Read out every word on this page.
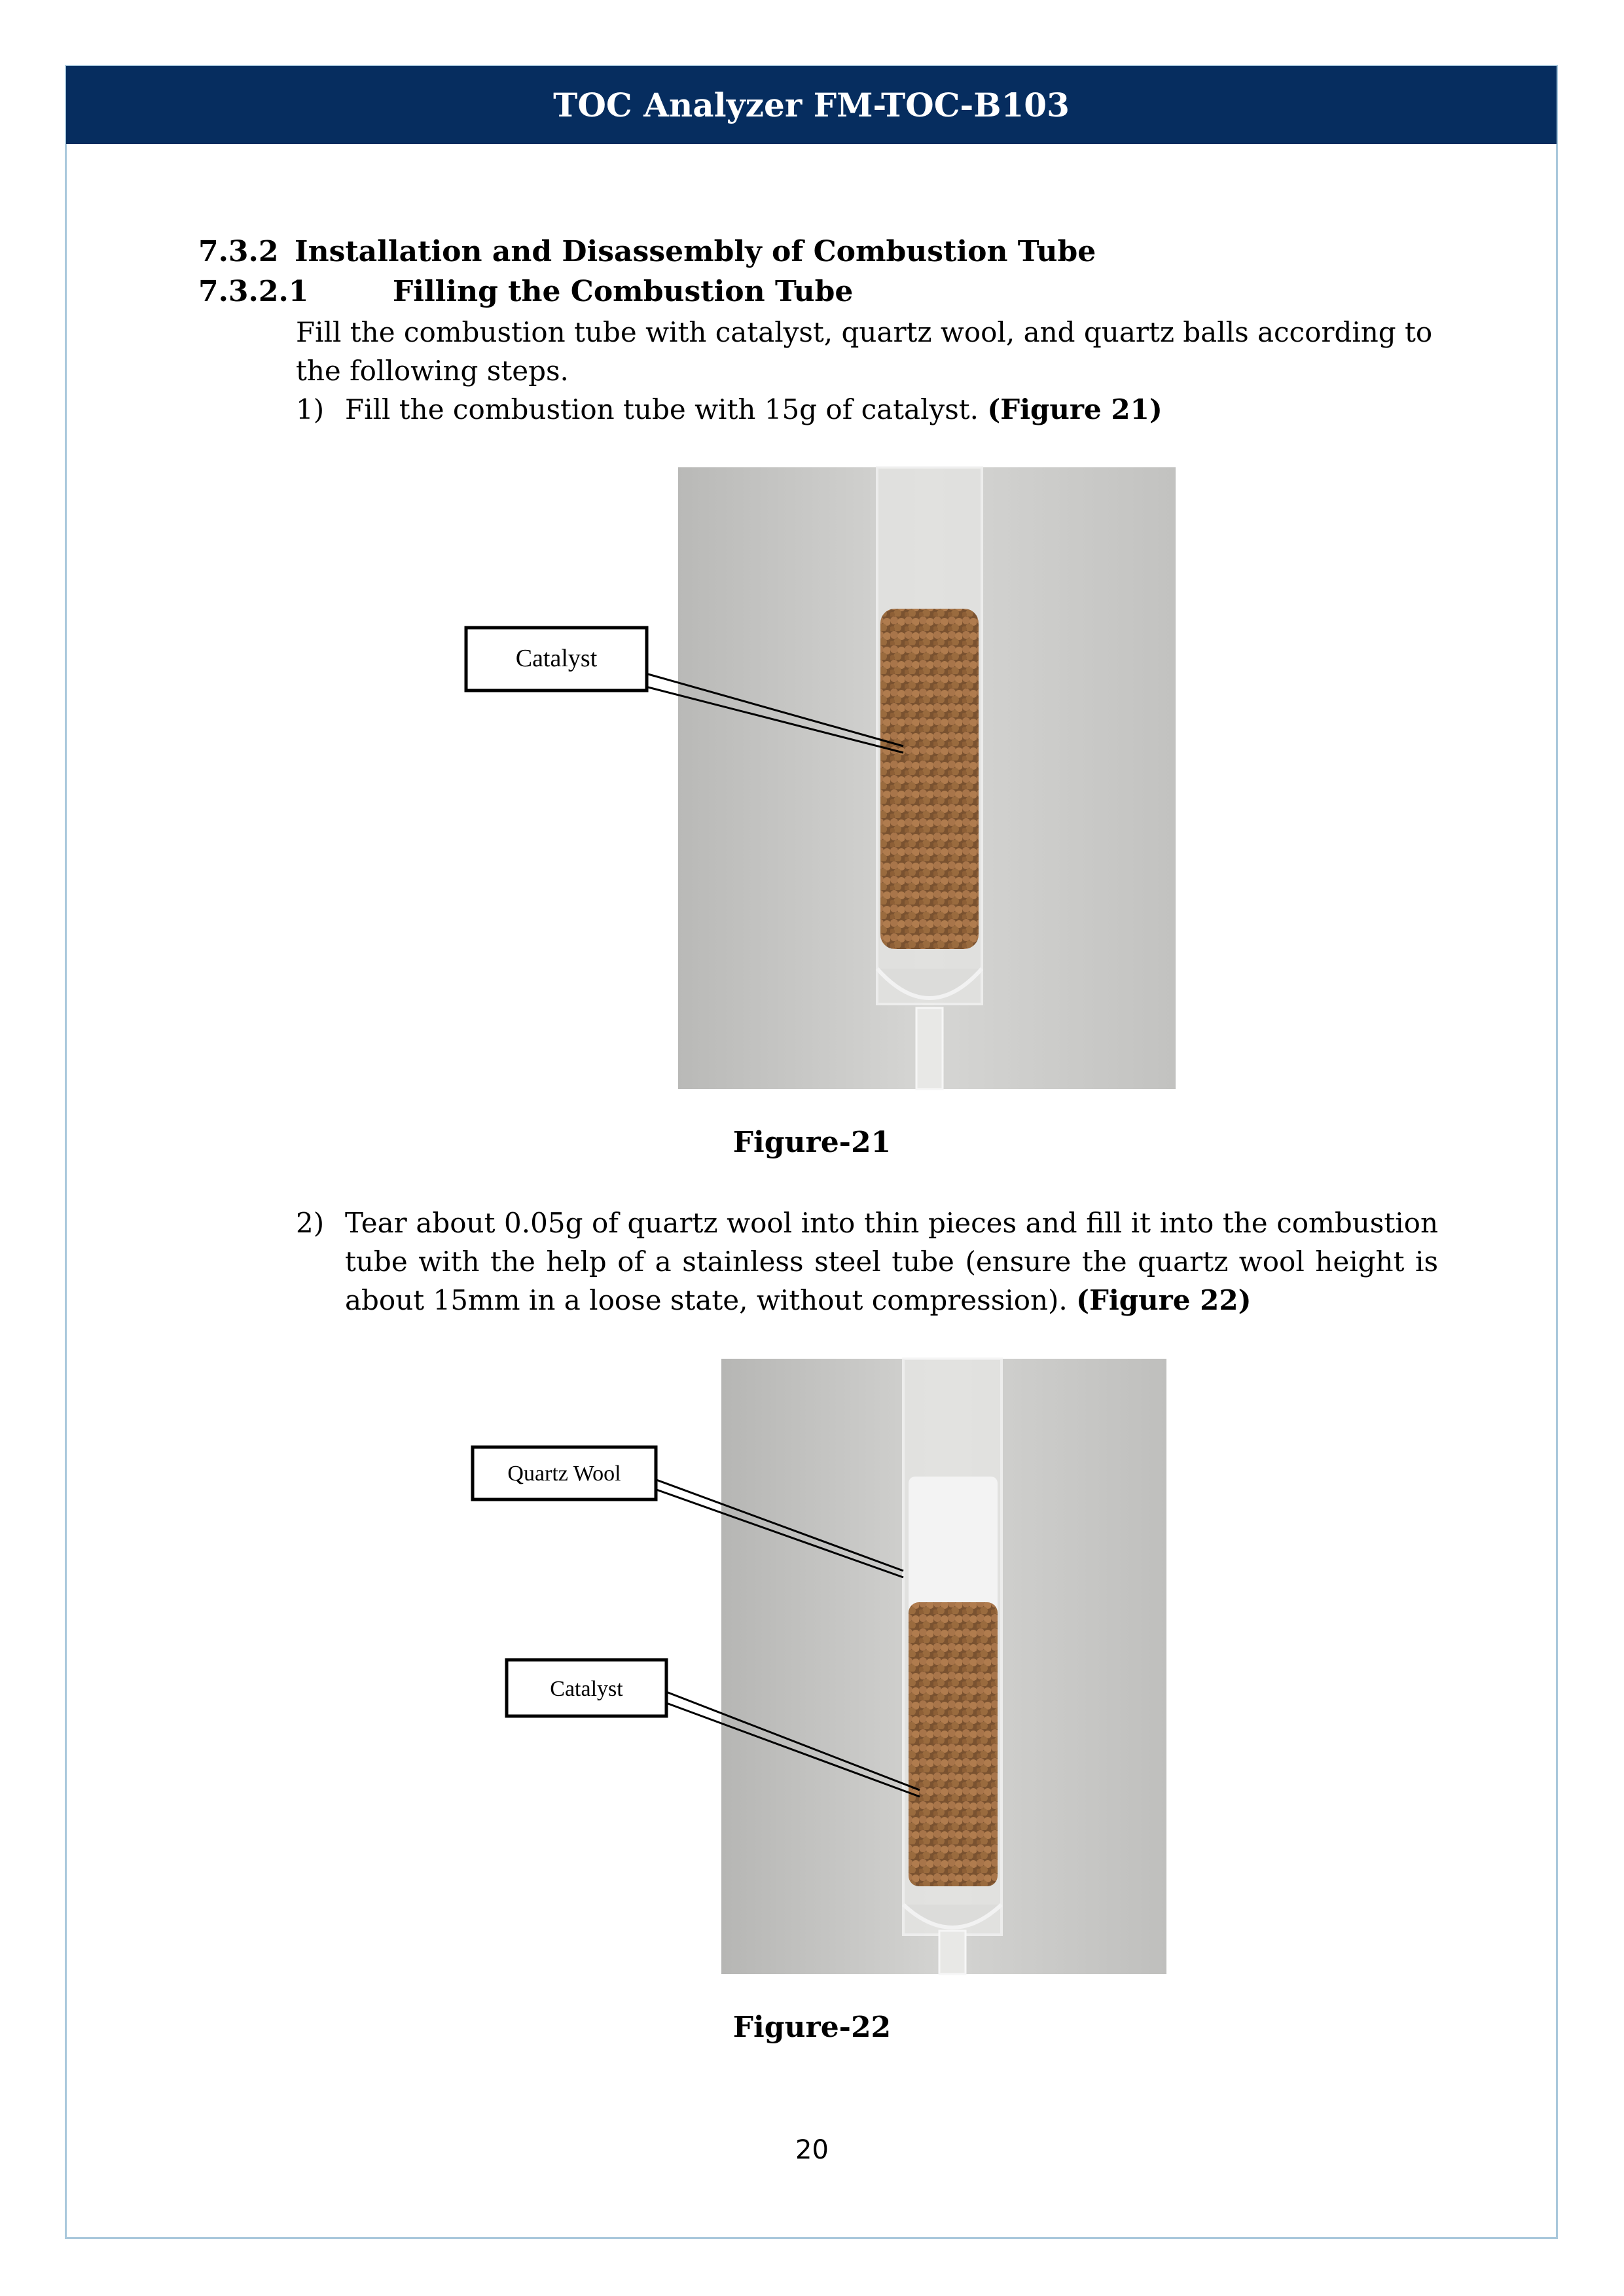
TOC Analyzer FM-TOC-B103
7.3.2 Installation and Disassembly of Combustion Tube
7.3.2.1	Filling the Combustion Tube
Fill the combustion tube with catalyst, quartz wool, and quartz balls according to the following steps.
1) Fill the combustion tube with 15g of catalyst. (Figure 21)
Catalyst
Figure-21
2) Tear about 0.05g of quartz wool into thin pieces and fill it into the combustion tube with the help of a stainless steel tube (ensure the quartz wool height is about 15mm in a loose state, without compression). (Figure 22)
Quartz Wool
Catalyst
Figure-22
20
